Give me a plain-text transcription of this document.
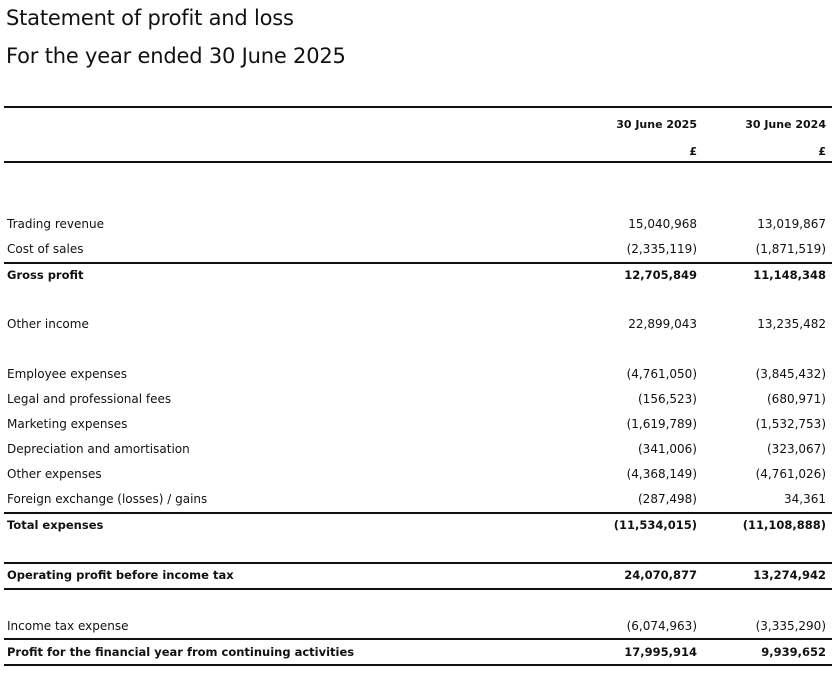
Statement of profit and loss
For the year ended 30 June 2025
30 June 2025	30 June 2024
£	£
Trading revenue	15,040,968	13,019,867
Cost of sales	(2,335,119)	(1,871,519)
Gross profit	12,705,849	11,148,348
Other income	22,899,043	13,235,482
Employee expenses	(4,761,050)	(3,845,432)
Legal and professional fees	(156,523)	(680,971)
Marketing expenses	(1,619,789)	(1,532,753)
Depreciation and amortisation	(341,006)	(323,067)
Other expenses	(4,368,149)	(4,761,026)
Foreign exchange (losses) / gains	(287,498)	34,361
Total expenses	(11,534,015)	(11,108,888)
Operating profit before income tax	24,070,877	13,274,942
Income tax expense	(6,074,963)	(3,335,290)
Profit for the financial year from continuing activities	17,995,914	9,939,652
